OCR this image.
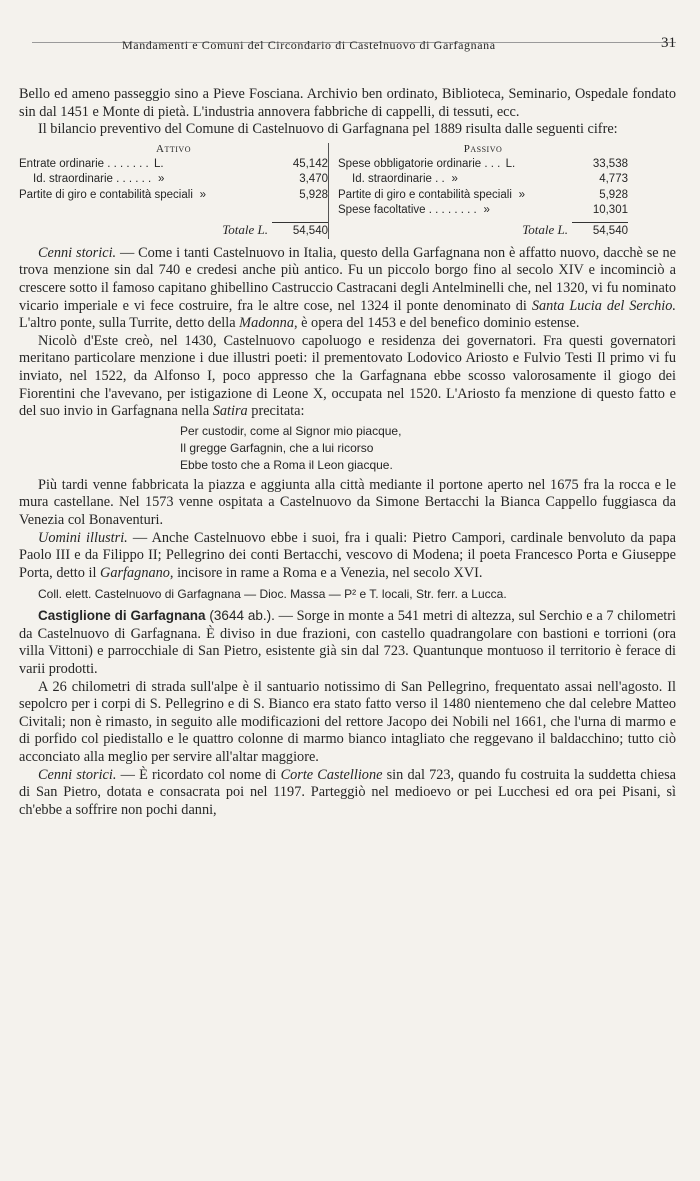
Mandamenti e Comuni del Circondario di Castelnuovo di Garfagnana	31

Bello ed ameno passeggio sino a Pieve Fosciana. Archivio ben ordinato, Biblioteca, Seminario, Ospedale fondato sin dal 1451 e Monte di pietà. L'industria annovera fabbriche di cappelli, di tessuti, ecc.

Il bilancio preventivo del Comune di Castelnuovo di Garfagnana pel 1889 risulta dalle seguenti cifre:

Attivo
Entrate ordinarie . . . . . . . L.	45,142
Id. straordinarie . . . . . . »	3,470
Partite di giro e contabilità speciali »	5,928
Totale L.	54,540
Passivo
Spese obbligatorie ordinarie . . . L.	33,538
Id. straordinarie . . »	4,773
Partite di giro e contabilità speciali »	5,928
Spese facoltative . . . . . . . . »	10,301
Totale L.	54,540

Cenni storici. — Come i tanti Castelnuovo in Italia, questo della Garfagnana non è affatto nuovo, dacchè se ne trova menzione sin dal 740 e credesi anche più antico. Fu un piccolo borgo fino al secolo XIV e incominciò a crescere sotto il famoso capitano ghibellino Castruccio Castracani degli Antelminelli che, nel 1320, vi fu nominato vicario imperiale e vi fece costruire, fra le altre cose, nel 1324 il ponte denominato di Santa Lucia del Serchio. L'altro ponte, sulla Turrite, detto della Madonna, è opera del 1453 e del benefico dominio estense.

Nicolò d'Este creò, nel 1430, Castelnuovo capoluogo e residenza dei governatori. Fra questi governatori meritano particolare menzione i due illustri poeti: il prementovato Lodovico Ariosto e Fulvio Testi Il primo vi fu inviato, nel 1522, da Alfonso I, poco appresso che la Garfagnana ebbe scosso valorosamente il giogo dei Fiorentini che l'avevano, per istigazione di Leone X, occupata nel 1520. L'Ariosto fa menzione di questo fatto e del suo invio in Garfagnana nella Satira precitata:

Per custodir, come al Signor mio piacque,
Il gregge Garfagnin, che a lui ricorso
Ebbe tosto che a Roma il Leon giacque.

Più tardi venne fabbricata la piazza e aggiunta alla città mediante il portone aperto nel 1675 fra la rocca e le mura castellane. Nel 1573 venne ospitata a Castelnuovo da Simone Bertacchi la Bianca Cappello fuggiasca da Venezia col Bonaventuri.

Uomini illustri. — Anche Castelnuovo ebbe i suoi, fra i quali: Pietro Campori, cardinale benvoluto da papa Paolo III e da Filippo II; Pellegrino dei conti Bertacchi, vescovo di Modena; il poeta Francesco Porta e Giuseppe Porta, detto il Garfagnano, incisore in rame a Roma e a Venezia, nel secolo XVI.

Coll. elett. Castelnuovo di Garfagnana — Dioc. Massa — P² e T. locali, Str. ferr. a Lucca.

Castiglione di Garfagnana (3644 ab.). — Sorge in monte a 541 metri di altezza, sul Serchio e a 7 chilometri da Castelnuovo di Garfagnana. È diviso in due frazioni, con castello quadrangolare con bastioni e torrioni (ora villa Vittoni) e parrocchiale di San Pietro, esistente già sin dal 723. Quantunque montuoso il territorio è ferace di varii prodotti.

A 26 chilometri di strada sull'alpe è il santuario notissimo di San Pellegrino, frequentato assai nell'agosto. Il sepolcro per i corpi di S. Pellegrino e di S. Bianco era stato fatto verso il 1480 nientemeno che dal celebre Matteo Civitali; non è rimasto, in seguito alle modificazioni del rettore Jacopo dei Nobili nel 1661, che l'urna di marmo e di porfido col piedistallo e le quattro colonne di marmo bianco intagliato che reggevano il baldacchino; tutto ciò acconciato alla meglio per servire all'altar maggiore.

Cenni storici. — È ricordato col nome di Corte Castellione sin dal 723, quando fu costruita la suddetta chiesa di San Pietro, dotata e consacrata poi nel 1197. Parteggiò nel medioevo or pei Lucchesi ed ora pei Pisani, sì ch'ebbe a soffrire non pochi danni,
